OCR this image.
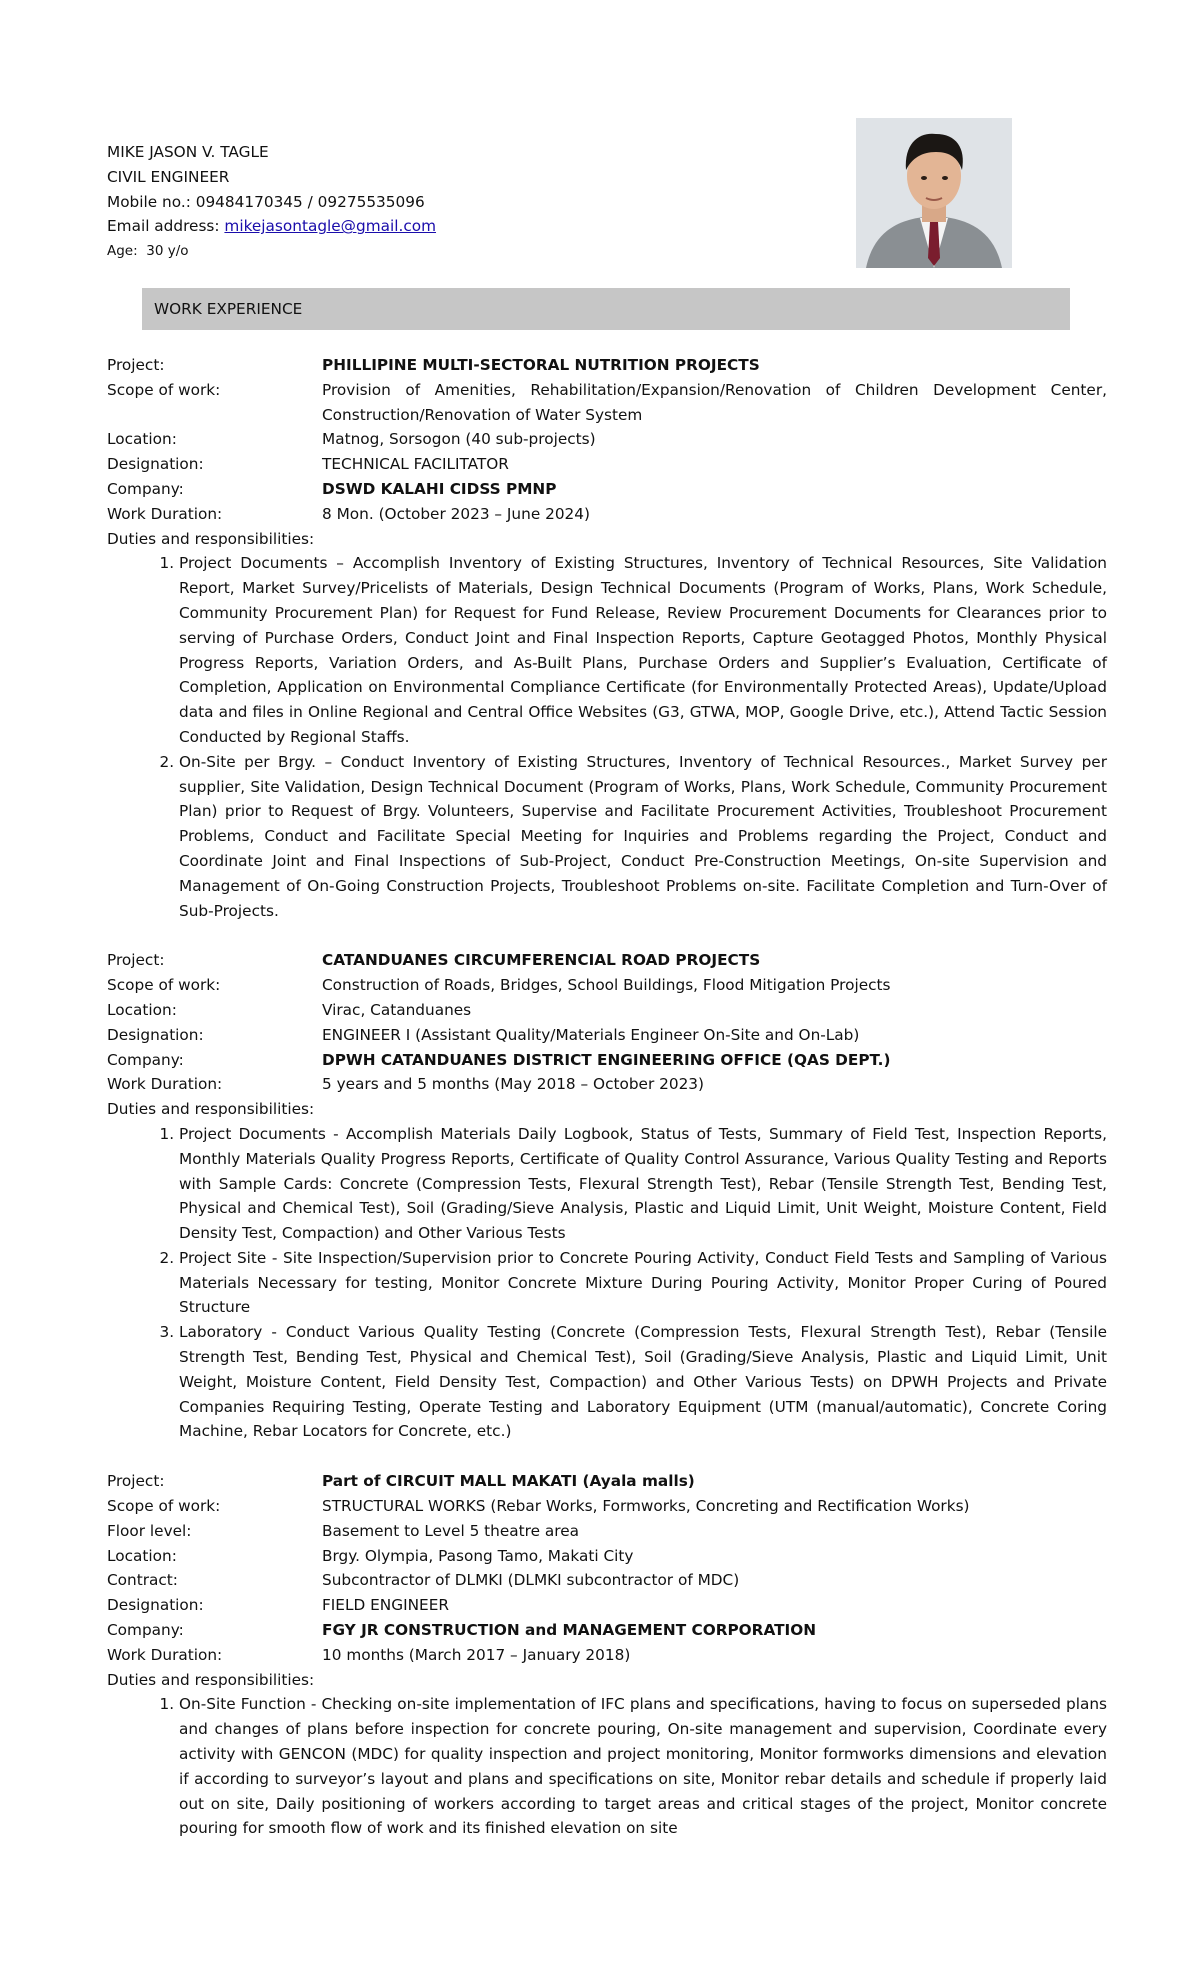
MIKE JASON V. TAGLE
CIVIL ENGINEER
Mobile no.: 09484170345 / 09275535096
Email address: mikejasontagle@gmail.com
Age: 30 y/o
WORK EXPERIENCE
Project:	PHILLIPINE MULTI-SECTORAL NUTRITION PROJECTS
Scope of work:	Provision of Amenities, Rehabilitation/Expansion/Renovation of Children Development Center, Construction/Renovation of Water System
Location:	Matnog, Sorsogon (40 sub-projects)
Designation:	TECHNICAL FACILITATOR
Company:	DSWD KALAHI CIDSS PMNP
Work Duration:	8 Mon. (October 2023 – June 2024)
Duties and responsibilities:
1. Project Documents – Accomplish Inventory of Existing Structures, Inventory of Technical Resources, Site Validation Report, Market Survey/Pricelists of Materials, Design Technical Documents (Program of Works, Plans, Work Schedule, Community Procurement Plan) for Request for Fund Release, Review Procurement Documents for Clearances prior to serving of Purchase Orders, Conduct Joint and Final Inspection Reports, Capture Geotagged Photos, Monthly Physical Progress Reports, Variation Orders, and As-Built Plans, Purchase Orders and Supplier’s Evaluation, Certificate of Completion, Application on Environmental Compliance Certificate (for Environmentally Protected Areas), Update/Upload data and files in Online Regional and Central Office Websites (G3, GTWA, MOP, Google Drive, etc.), Attend Tactic Session Conducted by Regional Staffs.
2. On-Site per Brgy. – Conduct Inventory of Existing Structures, Inventory of Technical Resources., Market Survey per supplier, Site Validation, Design Technical Document (Program of Works, Plans, Work Schedule, Community Procurement Plan) prior to Request of Brgy. Volunteers, Supervise and Facilitate Procurement Activities, Troubleshoot Procurement Problems, Conduct and Facilitate Special Meeting for Inquiries and Problems regarding the Project, Conduct and Coordinate Joint and Final Inspections of Sub-Project, Conduct Pre-Construction Meetings, On-site Supervision and Management of On-Going Construction Projects, Troubleshoot Problems on-site. Facilitate Completion and Turn-Over of Sub-Projects.
Project:	CATANDUANES CIRCUMFERENCIAL ROAD PROJECTS
Scope of work:	Construction of Roads, Bridges, School Buildings, Flood Mitigation Projects
Location:	Virac, Catanduanes
Designation:	ENGINEER I (Assistant Quality/Materials Engineer On-Site and On-Lab)
Company:	DPWH CATANDUANES DISTRICT ENGINEERING OFFICE (QAS DEPT.)
Work Duration:	5 years and 5 months (May 2018 – October 2023)
Duties and responsibilities:
1. Project Documents - Accomplish Materials Daily Logbook, Status of Tests, Summary of Field Test, Inspection Reports, Monthly Materials Quality Progress Reports, Certificate of Quality Control Assurance, Various Quality Testing and Reports with Sample Cards: Concrete (Compression Tests, Flexural Strength Test), Rebar (Tensile Strength Test, Bending Test, Physical and Chemical Test), Soil (Grading/Sieve Analysis, Plastic and Liquid Limit, Unit Weight, Moisture Content, Field Density Test, Compaction) and Other Various Tests
2. Project Site - Site Inspection/Supervision prior to Concrete Pouring Activity, Conduct Field Tests and Sampling of Various Materials Necessary for testing, Monitor Concrete Mixture During Pouring Activity, Monitor Proper Curing of Poured Structure
3. Laboratory - Conduct Various Quality Testing (Concrete (Compression Tests, Flexural Strength Test), Rebar (Tensile Strength Test, Bending Test, Physical and Chemical Test), Soil (Grading/Sieve Analysis, Plastic and Liquid Limit, Unit Weight, Moisture Content, Field Density Test, Compaction) and Other Various Tests) on DPWH Projects and Private Companies Requiring Testing, Operate Testing and Laboratory Equipment (UTM (manual/automatic), Concrete Coring Machine, Rebar Locators for Concrete, etc.)
Project:	Part of CIRCUIT MALL MAKATI (Ayala malls)
Scope of work:	STRUCTURAL WORKS (Rebar Works, Formworks, Concreting and Rectification Works)
Floor level:	Basement to Level 5 theatre area
Location:	Brgy. Olympia, Pasong Tamo, Makati City
Contract:	Subcontractor of DLMKI (DLMKI subcontractor of MDC)
Designation:	FIELD ENGINEER
Company:	FGY JR CONSTRUCTION and MANAGEMENT CORPORATION
Work Duration:	10 months (March 2017 – January 2018)
Duties and responsibilities:
1. On-Site Function - Checking on-site implementation of IFC plans and specifications, having to focus on superseded plans and changes of plans before inspection for concrete pouring, On-site management and supervision, Coordinate every activity with GENCON (MDC) for quality inspection and project monitoring, Monitor formworks dimensions and elevation if according to surveyor’s layout and plans and specifications on site, Monitor rebar details and schedule if properly laid out on site, Daily positioning of workers according to target areas and critical stages of the project, Monitor concrete pouring for smooth flow of work and its finished elevation on site
